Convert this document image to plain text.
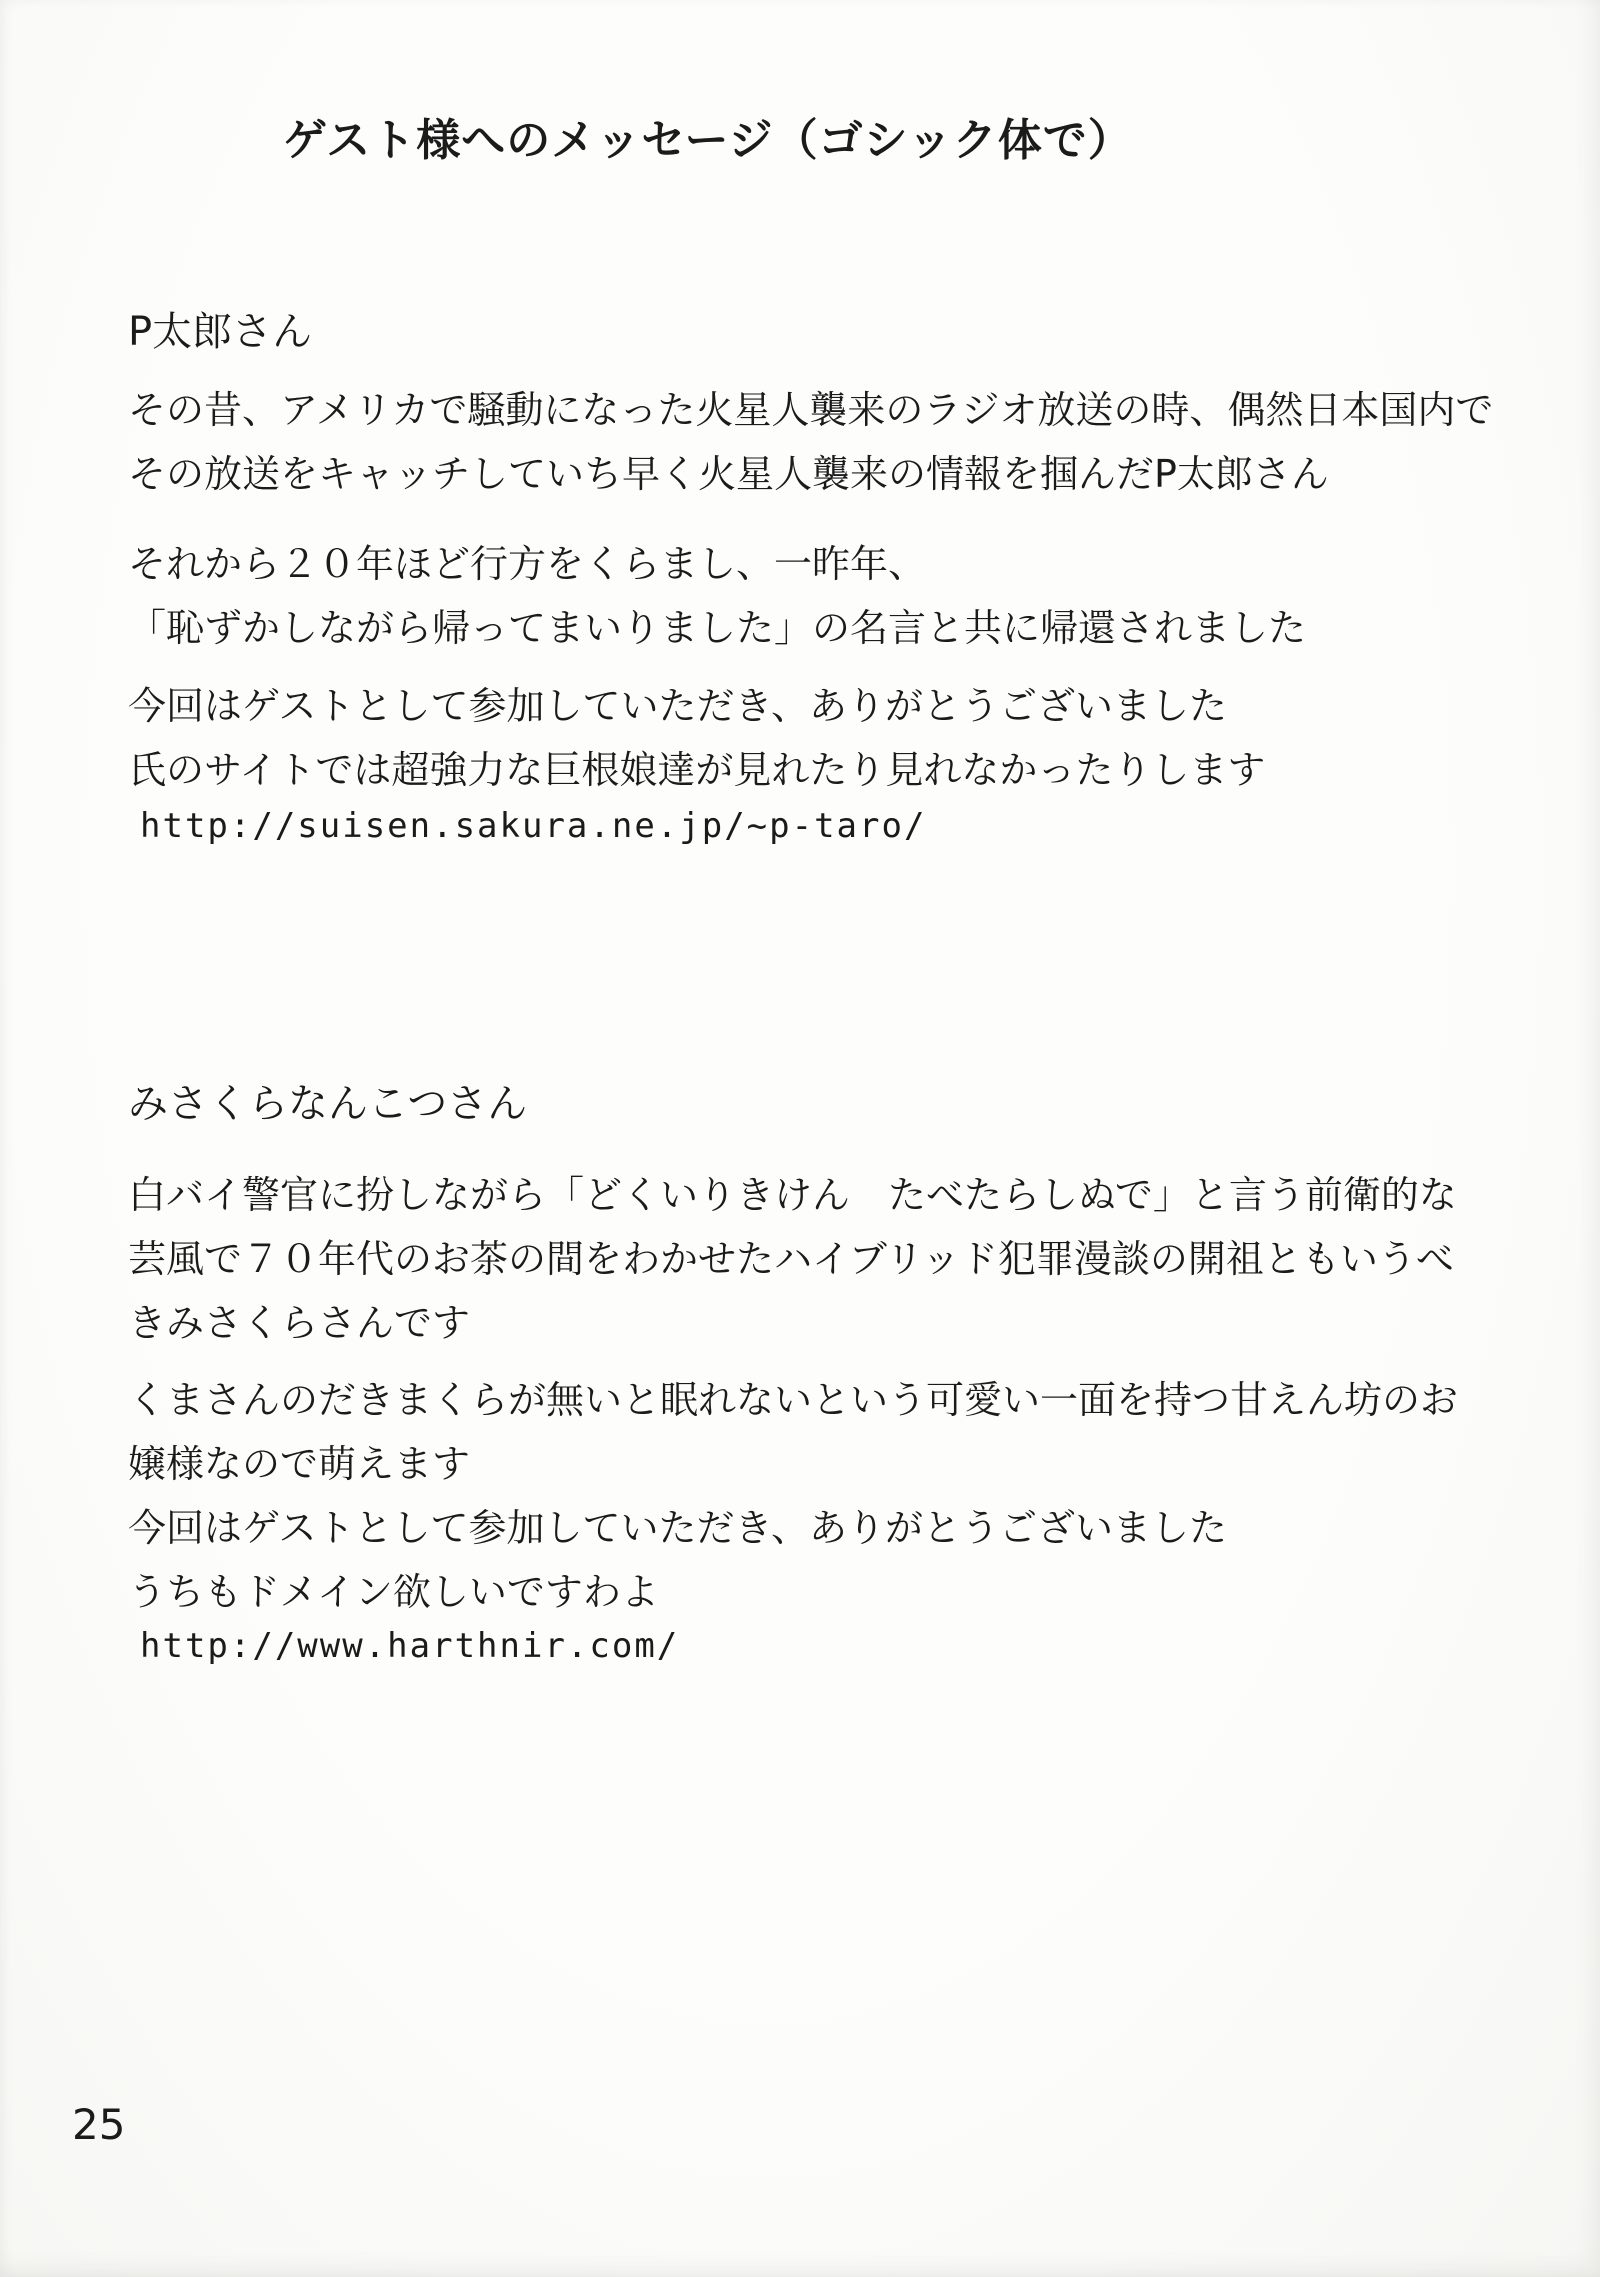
ゲスト様へのメッセージ（ゴシック体で）
P太郎さん
その昔、アメリカで騒動になった火星人襲来のラジオ放送の時、偶然日本国内で
その放送をキャッチしていち早く火星人襲来の情報を掴んだP太郎さん
それから２０年ほど行方をくらまし、一昨年、
「恥ずかしながら帰ってまいりました」の名言と共に帰還されました
今回はゲストとして参加していただき、ありがとうございました
氏のサイトでは超強力な巨根娘達が見れたり見れなかったりします
http://suisen.sakura.ne.jp/~p-taro/
みさくらなんこつさん
白バイ警官に扮しながら「どくいりきけん　たべたらしぬで」と言う前衛的な
芸風で７０年代のお茶の間をわかせたハイブリッド犯罪漫談の開祖ともいうべ
きみさくらさんです
くまさんのだきまくらが無いと眠れないという可愛い一面を持つ甘えん坊のお
嬢様なので萌えます
今回はゲストとして参加していただき、ありがとうございました
うちもドメイン欲しいですわよ
http://www.harthnir.com/
25
